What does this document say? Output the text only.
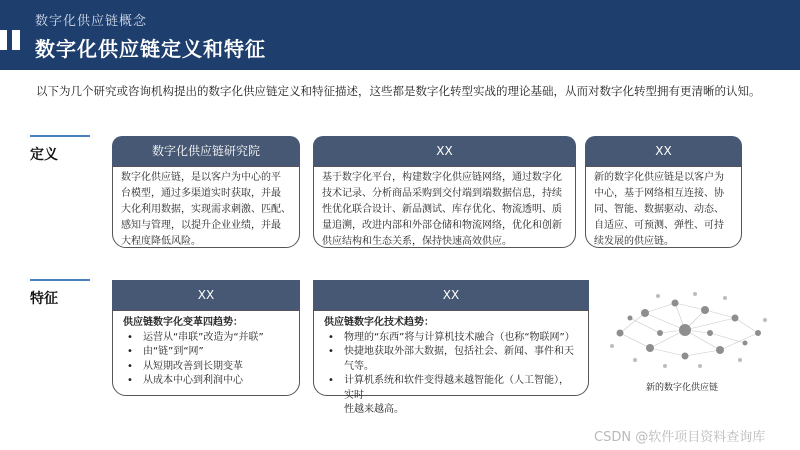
数字化供应链概念
数字化供应链定义和特征
以下为几个研究或咨询机构提出的数字化供应链定义和特征描述，这些都是数字化转型实战的理论基础，从而对数字化转型拥有更清晰的认知。
定义	数字化供应链研究院
数字化供应链，是以客户为中心的平
台模型，通过多渠道实时获取，并最
大化利用数据，实现需求刺激、匹配、
感知与管理，以提升企业业绩，并最
大程度降低风险。
XX
基于数字化平台，构建数字化供应链网络，通过数字化
技术记录、分析商品采购到交付端到端数据信息，持续
性优化联合设计、新品测试、库存优化、物流透明、质
量追溯，改进内部和外部仓储和物流网络，优化和创新
供应结构和生态关系，保持快速高效供应。
XX
新的数字化供应链是以客户为
中心，基于网络相互连接、协
同、智能、数据驱动、动态、
自适应、可预测、弹性、可持
续发展的供应链。
特征	XX
供应链数字化变革四趋势：
• 运营从“串联”改造为“并联”
• 由“链”到“网”
• 从短期改善到长期变革
• 从成本中心到利润中心
XX
供应链数字化技术趋势：
• 物理的“东西”将与计算机技术融合（也称“物联网”）
• 快捷地获取外部大数据，包括社会、新闻、事件和天气等。
• 计算机系统和软件变得越来越智能化（人工智能），实时
性越来越高。
新的数字化供应链
CSDN @软件项目资料查询库
